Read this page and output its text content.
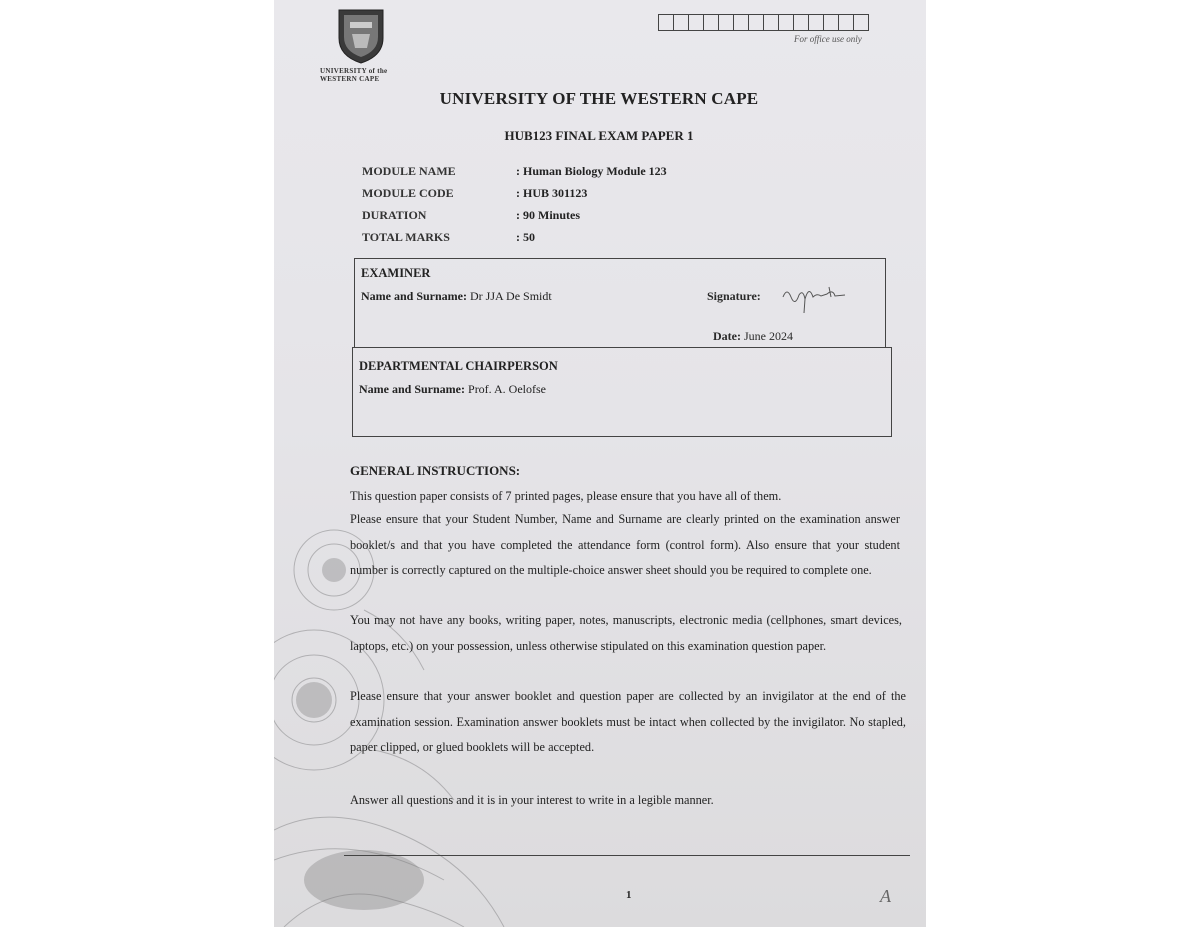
UNIVERSITY of the
WESTERN CAPE
For office use only
UNIVERSITY OF THE WESTERN CAPE
HUB123 FINAL EXAM PAPER 1
MODULE NAME	: Human Biology Module 123
MODULE CODE	: HUB 301123
DURATION	: 90 Minutes
TOTAL MARKS	: 50
EXAMINER
Name and Surname: Dr JJA De Smidt	Signature:
Date: June 2024
DEPARTMENTAL CHAIRPERSON
Name and Surname: Prof. A. Oelofse
GENERAL INSTRUCTIONS:
This question paper consists of 7 printed pages, please ensure that you have all of them.
Please ensure that your Student Number, Name and Surname are clearly printed on the examination answer booklet/s and that you have completed the attendance form (control form). Also ensure that your student number is correctly captured on the multiple-choice answer sheet should you be required to complete one.
You may not have any books, writing paper, notes, manuscripts, electronic media (cellphones, smart devices, laptops, etc.) on your possession, unless otherwise stipulated on this examination question paper.
Please ensure that your answer booklet and question paper are collected by an invigilator at the end of the examination session. Examination answer booklets must be intact when collected by the invigilator. No stapled, paper clipped, or glued booklets will be accepted.
Answer all questions and it is in your interest to write in a legible manner.
1	A
